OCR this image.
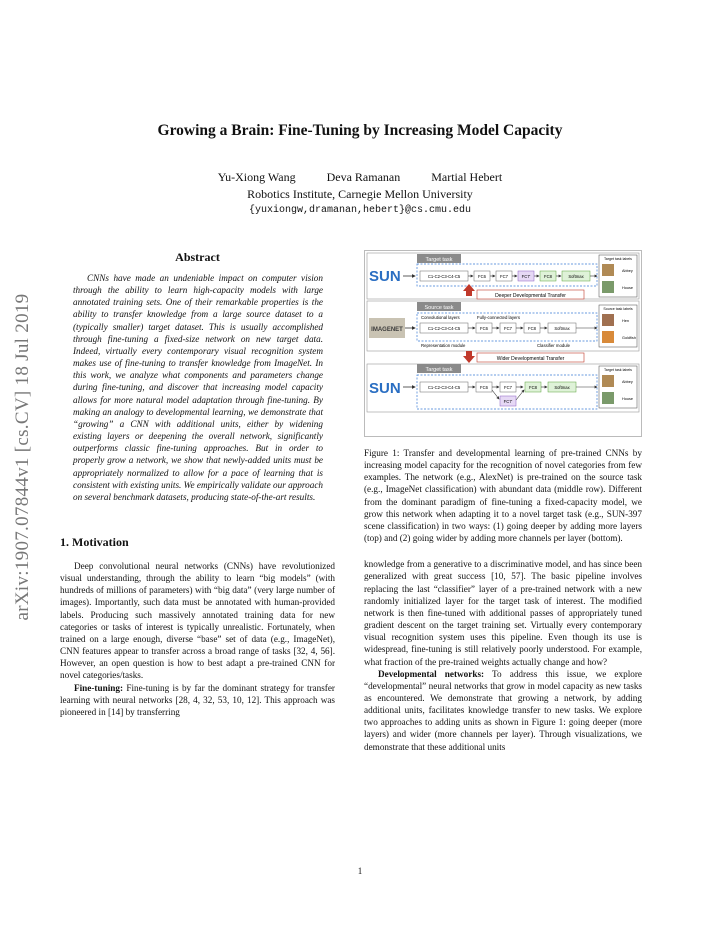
arXiv:1907.07844v1 [cs.CV] 18 Jul 2019
Growing a Brain: Fine-Tuning by Increasing Model Capacity
Yu-Xiong Wang	Deva Ramanan	Martial Hebert
Robotics Institute, Carnegie Mellon University
{yuxiongw,dramanan,hebert}@cs.cmu.edu
Abstract

CNNs have made an undeniable impact on computer vision through the ability to learn high-capacity models with large annotated training sets. One of their remarkable properties is the ability to transfer knowledge from a large source dataset to a (typically smaller) target dataset. This is usually accomplished through fine-tuning a fixed-size network on new target data. Indeed, virtually every contemporary visual recognition system makes use of fine-tuning to transfer knowledge from ImageNet. In this work, we analyze what components and parameters change during fine-tuning, and discover that increasing model capacity allows for more natural model adaptation through fine-tuning. By making an analogy to developmental learning, we demonstrate that “growing” a CNN with additional units, either by widening existing layers or deepening the overall network, significantly outperforms classic fine-tuning approaches. But in order to properly grow a network, we show that newly-added units must be appropriately normalized to allow for a pace of learning that is consistent with existing units. We empirically validate our approach on several benchmark datasets, producing state-of-the-art results.

1. Motivation

Deep convolutional neural networks (CNNs) have revolutionized visual understanding, through the ability to learn “big models” (with hundreds of millions of parameters) with “big data” (very large number of images). Importantly, such data must be annotated with human-provided labels. Producing such massively annotated training data for new categories or tasks of interest is typically unrealistic. Fortunately, when trained on a large enough, diverse “base” set of data (e.g., ImageNet), CNN features appear to transfer across a broad range of tasks [32, 4, 56]. However, an open question is how to best adapt a pre-trained CNN for novel categories/tasks.

Fine-tuning: Fine-tuning is by far the dominant strategy for transfer learning with neural networks [28, 4, 32, 53, 10, 12]. This approach was pioneered in [14] by transferring

Target task
SUN	C1-C2-C3-C4-C5	FC6	FC7	FC7'	FC8	Softmax
Target task labels
Abbey
House
Deeper Developmental Transfer
Source task
IMAGENET
Convolutional layers	Fully-connected layers
C1-C2-C3-C4-C5	FC6	FC7	FC8	Softmax
Representation module	Classifier module
Source task labels
Hen
Goldfish
Wider Developmental Transfer
Target task
SUN	C1-C2-C3-C4-C5	FC6	FC7
FC7'
FC8	Softmax
Target task labels
Abbey
House

Figure 1: Transfer and developmental learning of pre-trained CNNs by increasing model capacity for the recognition of novel categories from few examples. The network (e.g., AlexNet) is pre-trained on the source task (e.g., ImageNet classification) with abundant data (middle row). Different from the dominant paradigm of fine-tuning a fixed-capacity model, we grow this network when adapting it to a novel target task (e.g., SUN-397 scene classification) in two ways: (1) going deeper by adding more layers (top) and (2) going wider by adding more channels per layer (bottom).

knowledge from a generative to a discriminative model, and has since been generalized with great success [10, 57]. The basic pipeline involves replacing the last “classifier” layer of a pre-trained network with a new randomly initialized layer for the target task of interest. The modified network is then fine-tuned with additional passes of appropriately tuned gradient descent on the target training set. Virtually every contemporary visual recognition system uses this pipeline. Even though its use is widespread, fine-tuning is still relatively poorly understood. For example, what fraction of the pre-trained weights actually change and how?

Developmental networks: To address this issue, we explore “developmental” neural networks that grow in model capacity as new tasks as encountered. We demonstrate that growing a network, by adding additional units, facilitates knowledge transfer to new tasks. We explore two approaches to adding units as shown in Figure 1: going deeper (more layers) and wider (more channels per layer). Through visualizations, we demonstrate that these additional units

1
